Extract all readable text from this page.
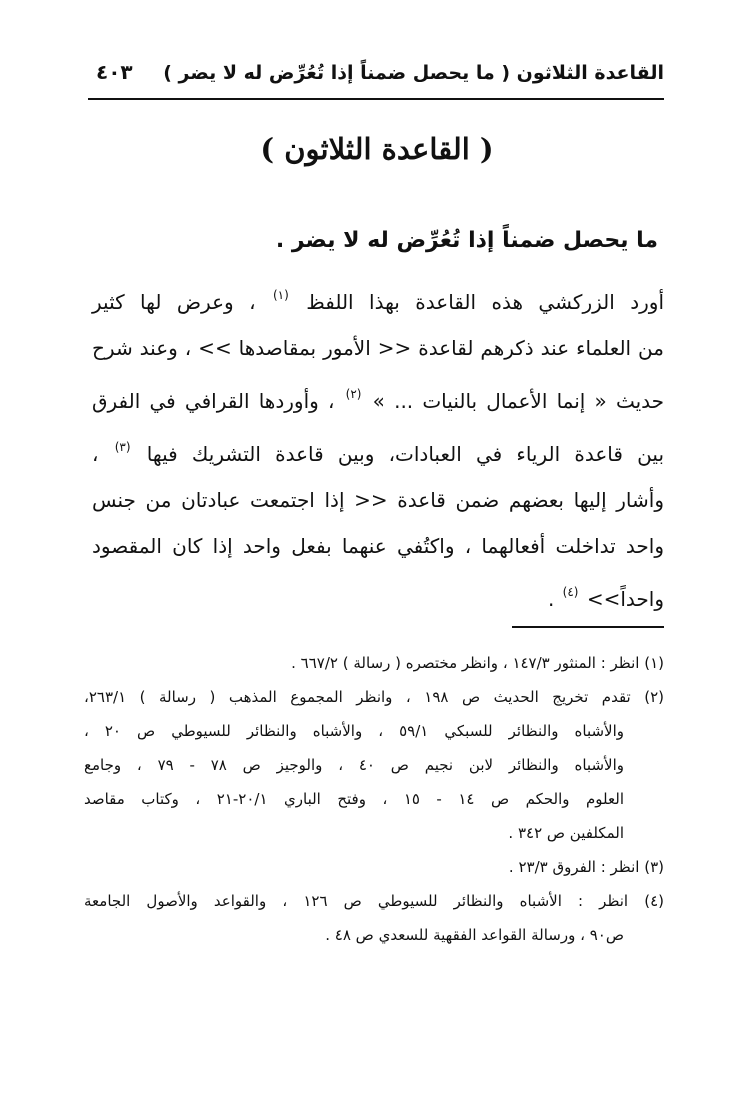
القاعدة الثلاثون ( ما يحصل ضمناً إذا تُعُرِّض له لا يضر )
٤٠٣
( القاعدة الثلاثون )
ما يحصل ضمناً إذا تُعُرِّض له لا يضر .
أورد الزركشي هذه القاعدة بهذا اللفظ $^{(١)}$ ، وعرض لها كثير
من العلماء عند ذكرهم لقاعدة << الأمور بمقاصدها >> ، وعند شرح
حديث « إنما الأعمال بالنيات ... » $^{(٢)}$ ، وأوردها القرافي في الفرق
بين قاعدة الرياء في العبادات، وبين قاعدة التشريك فيها $^{(٣)}$ ،
وأشار إليها بعضهم ضمن قاعدة << إذا اجتمعت عبادتان من جنس
واحد تداخلت أفعالهما ، واكتُفي عنهما بفعل واحد إذا كان المقصود
واحداً>> $^{(٤)}$ .
(١) انظر : المنثور ١٤٧/٣ ، وانظر مختصره ( رسالة ) ٦٦٧/٢ .
(٢) تقدم تخريج الحديث ص ١٩٨ ، وانظر المجموع المذهب ( رسالة ) ٢٦٣/١،
والأشباه والنظائر للسبكي ٥٩/١ ، والأشباه والنظائر للسيوطي ص ٢٠ ،
والأشباه والنظائر لابن نجيم ص ٤٠ ، والوجيز ص ٧٨ - ٧٩ ، وجامع
العلوم والحكم ص ١٤ - ١٥ ، وفتح الباري ٢٠/١-٢١ ، وكتاب مقاصد
المكلفين ص ٣٤٢ .
(٣) انظر : الفروق ٢٣/٣ .
(٤) انظر : الأشباه والنظائر للسيوطي ص ١٢٦ ، والقواعد والأصول الجامعة
ص٩٠ ، ورسالة القواعد الفقهية للسعدي ص ٤٨ .
